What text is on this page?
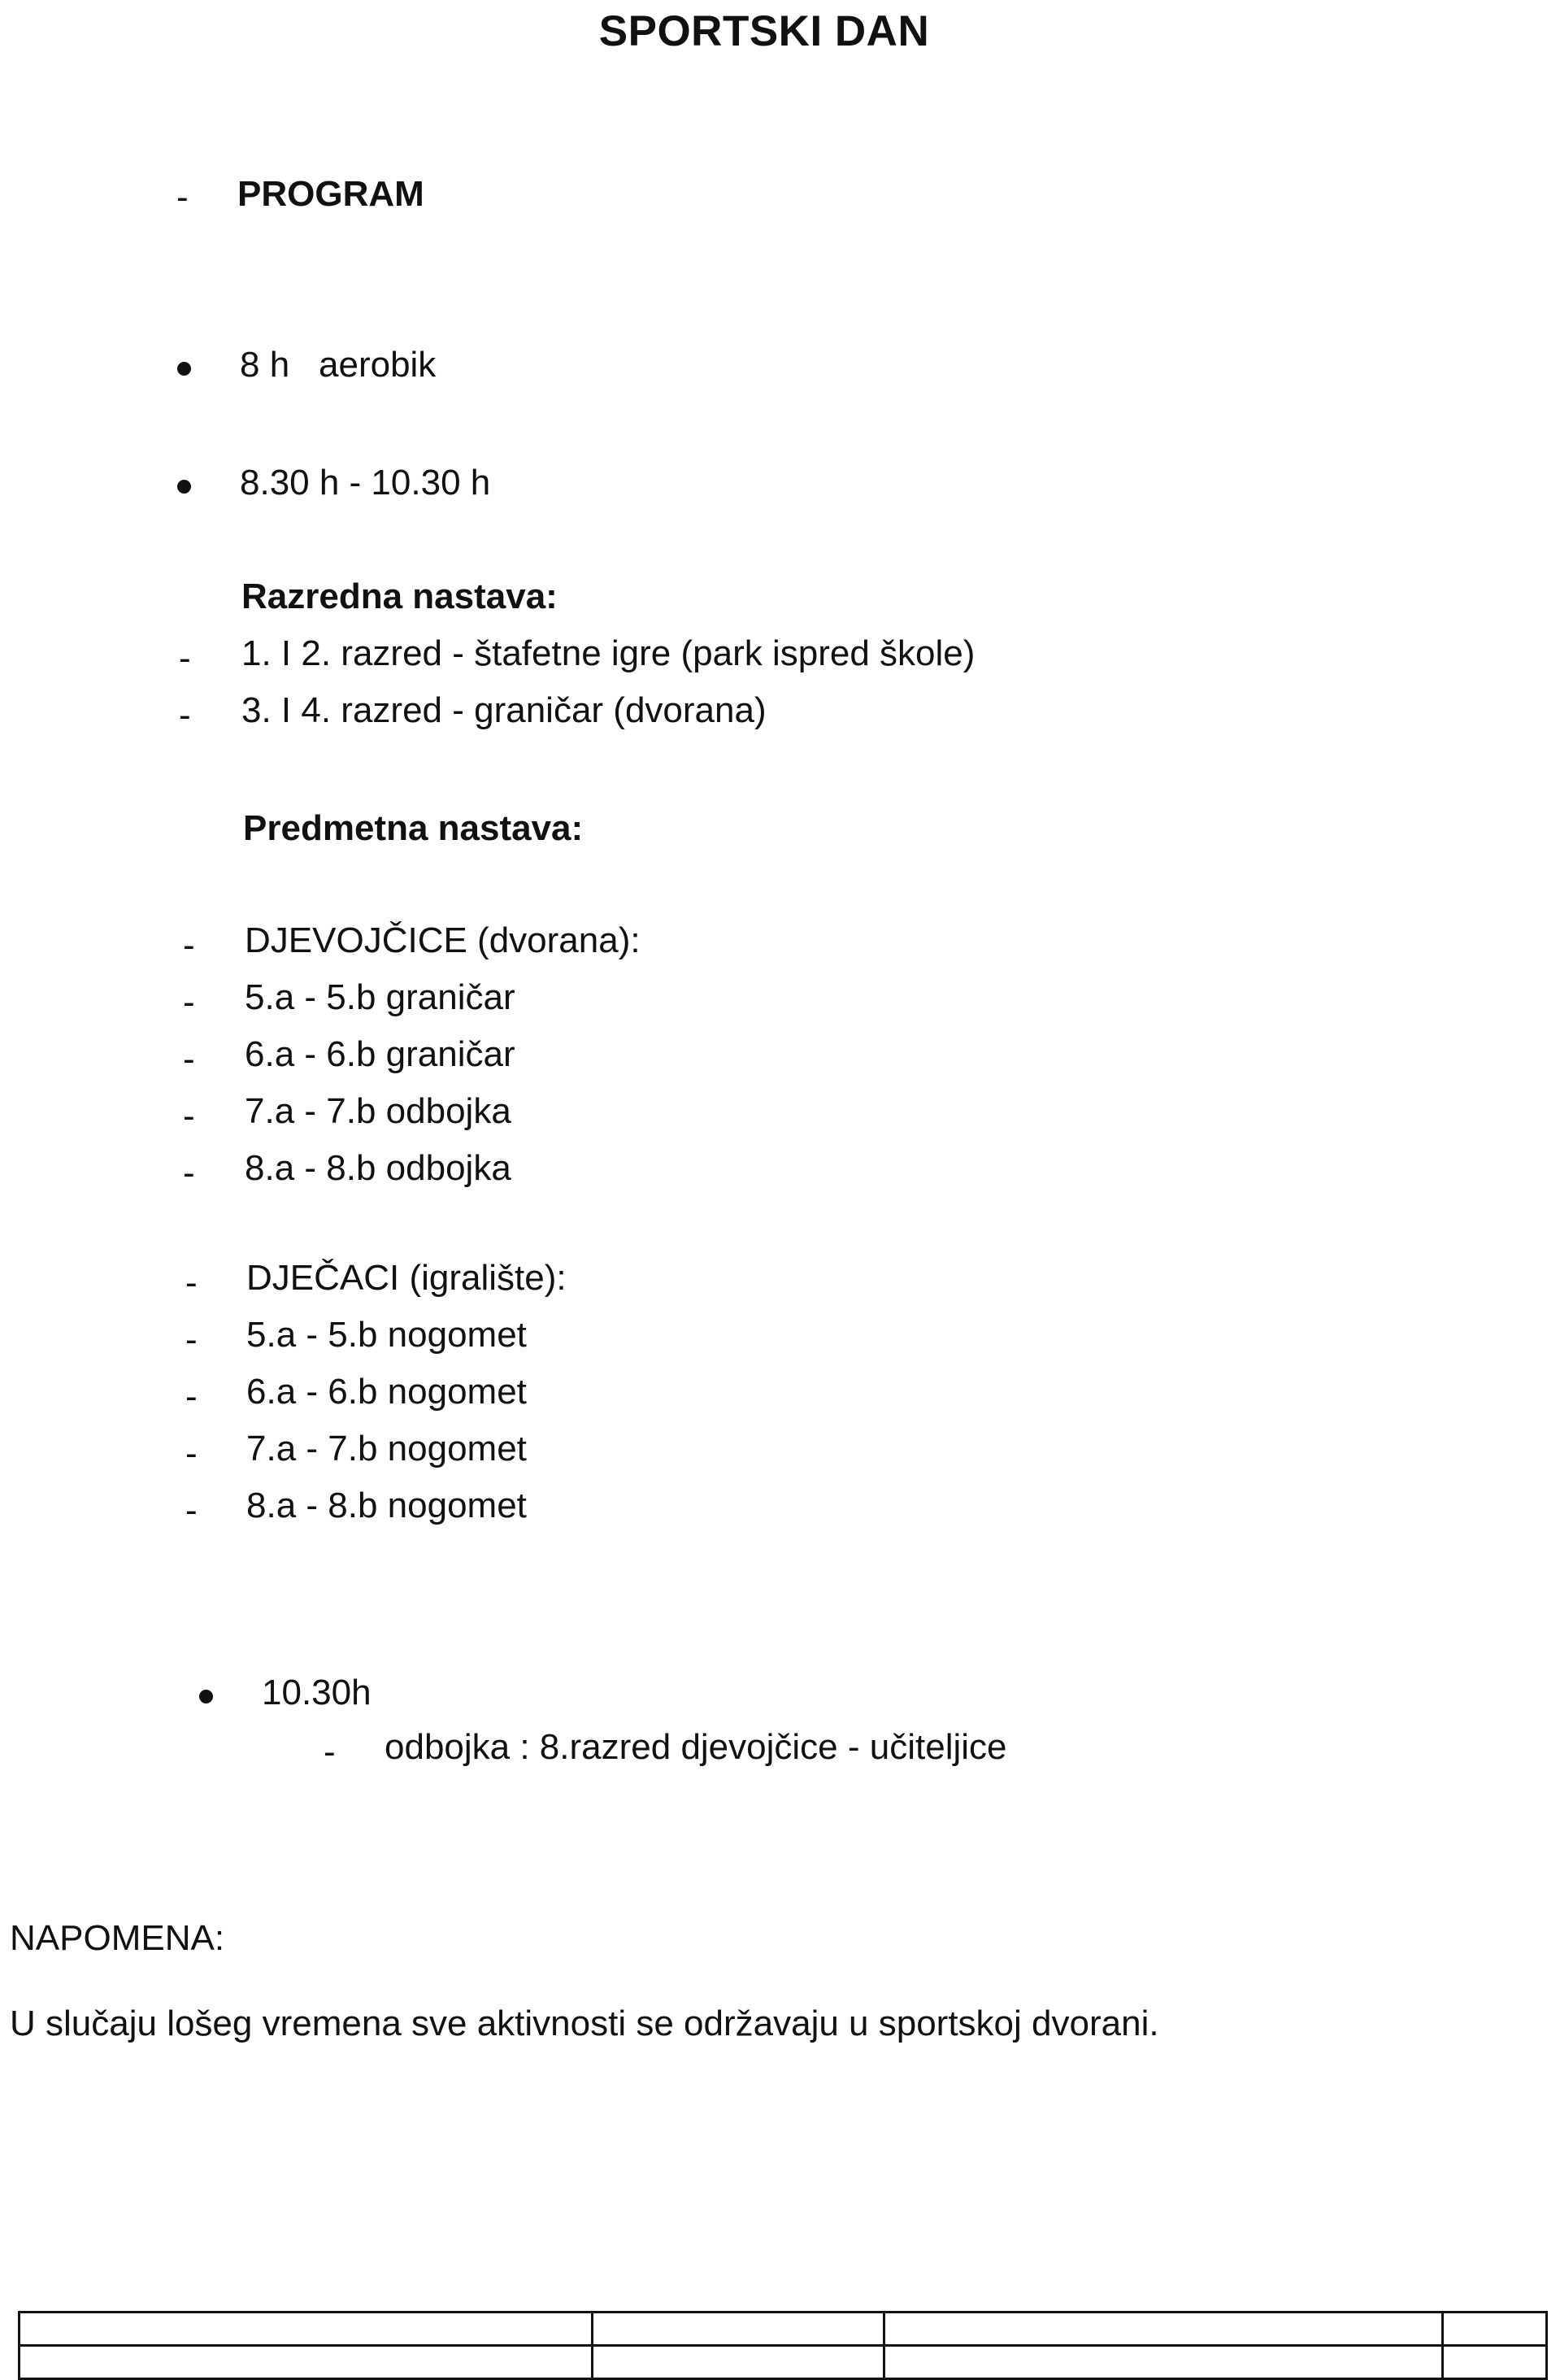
SPORTSKI DAN
- PROGRAM
8 h aerobik
8.30 h - 10.30 h
Razredna nastava:
- 1. I 2. razred - štafetne igre (park ispred škole)
- 3. I 4. razred - graničar (dvorana)
Predmetna nastava:
- DJEVOJČICE (dvorana):
- 5.a - 5.b graničar
- 6.a - 6.b graničar
- 7.a - 7.b odbojka
- 8.a - 8.b odbojka
- DJEČACI (igralište):
- 5.a - 5.b nogomet
- 6.a - 6.b nogomet
- 7.a - 7.b nogomet
- 8.a - 8.b nogomet
10.30h
- odbojka : 8.razred djevojčice - učiteljice
NAPOMENA:
U slučaju lošeg vremena sve aktivnosti se održavaju u sportskoj dvorani.
